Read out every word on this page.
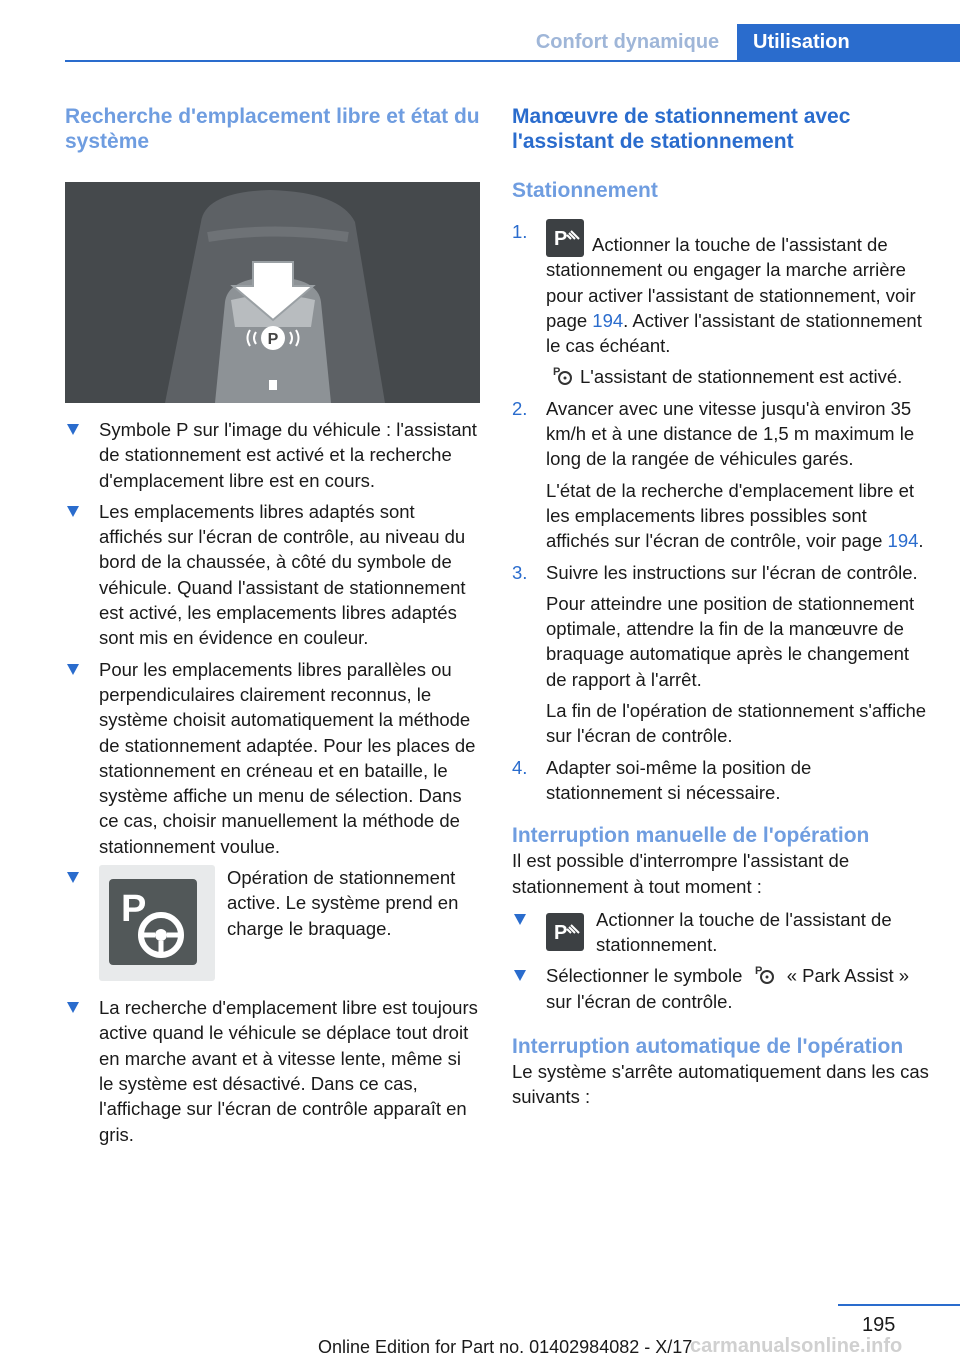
Confort dynamique	Utilisation
Recherche d'emplacement libre et état du système
P
Symbole P sur l'image du véhicule : l'assistant de stationnement est activé et la recherche d'emplacement libre est en cours.
Les emplacements libres adaptés sont affichés sur l'écran de contrôle, au niveau du bord de la chaussée, à côté du symbole de véhicule. Quand l'assistant de stationnement est activé, les emplacements libres adaptés sont mis en évidence en couleur.
Pour les emplacements libres parallèles ou perpendiculaires clairement reconnus, le système choisit automatiquement la méthode de stationnement adaptée. Pour les places de stationnement en créneau et en bataille, le système affiche un menu de sélection. Dans ce cas, choisir manuellement la méthode de stationnement voulue.
P
Opération de stationnement active. Le système prend en charge le braquage.
La recherche d'emplacement libre est toujours active quand le véhicule se déplace tout droit en marche avant et à vitesse lente, même si le système est désactivé. Dans ce cas, l'affichage sur l'écran de contrôle apparaît en gris.
Manœuvre de stationnement avec l'assistant de stationnement
Stationnement
1. P Actionner la touche de l'assistant de stationnement ou engager la marche arrière pour activer l'assistant de stationnement, voir page 194. Activer l'assistant de stationnement le cas échéant.

P L'assistant de stationnement est activé.

2. Avancer avec une vitesse jusqu'à environ 35 km/h et à une distance de 1,5 m maximum le long de la rangée de véhicules garés.

L'état de la recherche d'emplacement libre et les emplacements libres possibles sont affichés sur l'écran de contrôle, voir page 194.

3. Suivre les instructions sur l'écran de contrôle.

Pour atteindre une position de stationnement optimale, attendre la fin de la manœuvre de braquage automatique après le changement de rapport à l'arrêt.

La fin de l'opération de stationnement s'affiche sur l'écran de contrôle.

4. Adapter soi-même la position de stationnement si nécessaire.
Interruption manuelle de l'opération

Il est possible d'interrompre l'assistant de stationnement à tout moment :

P
Actionner la touche de l'assistant de stationnement.
Sélectionner le symbole P « Park Assist » sur l'écran de contrôle.
Interruption automatique de l'opération

Le système s'arrête automatiquement dans les cas suivants :

195
Online Edition for Part no. 01402984082 - X/17
carmanualsonline.info
